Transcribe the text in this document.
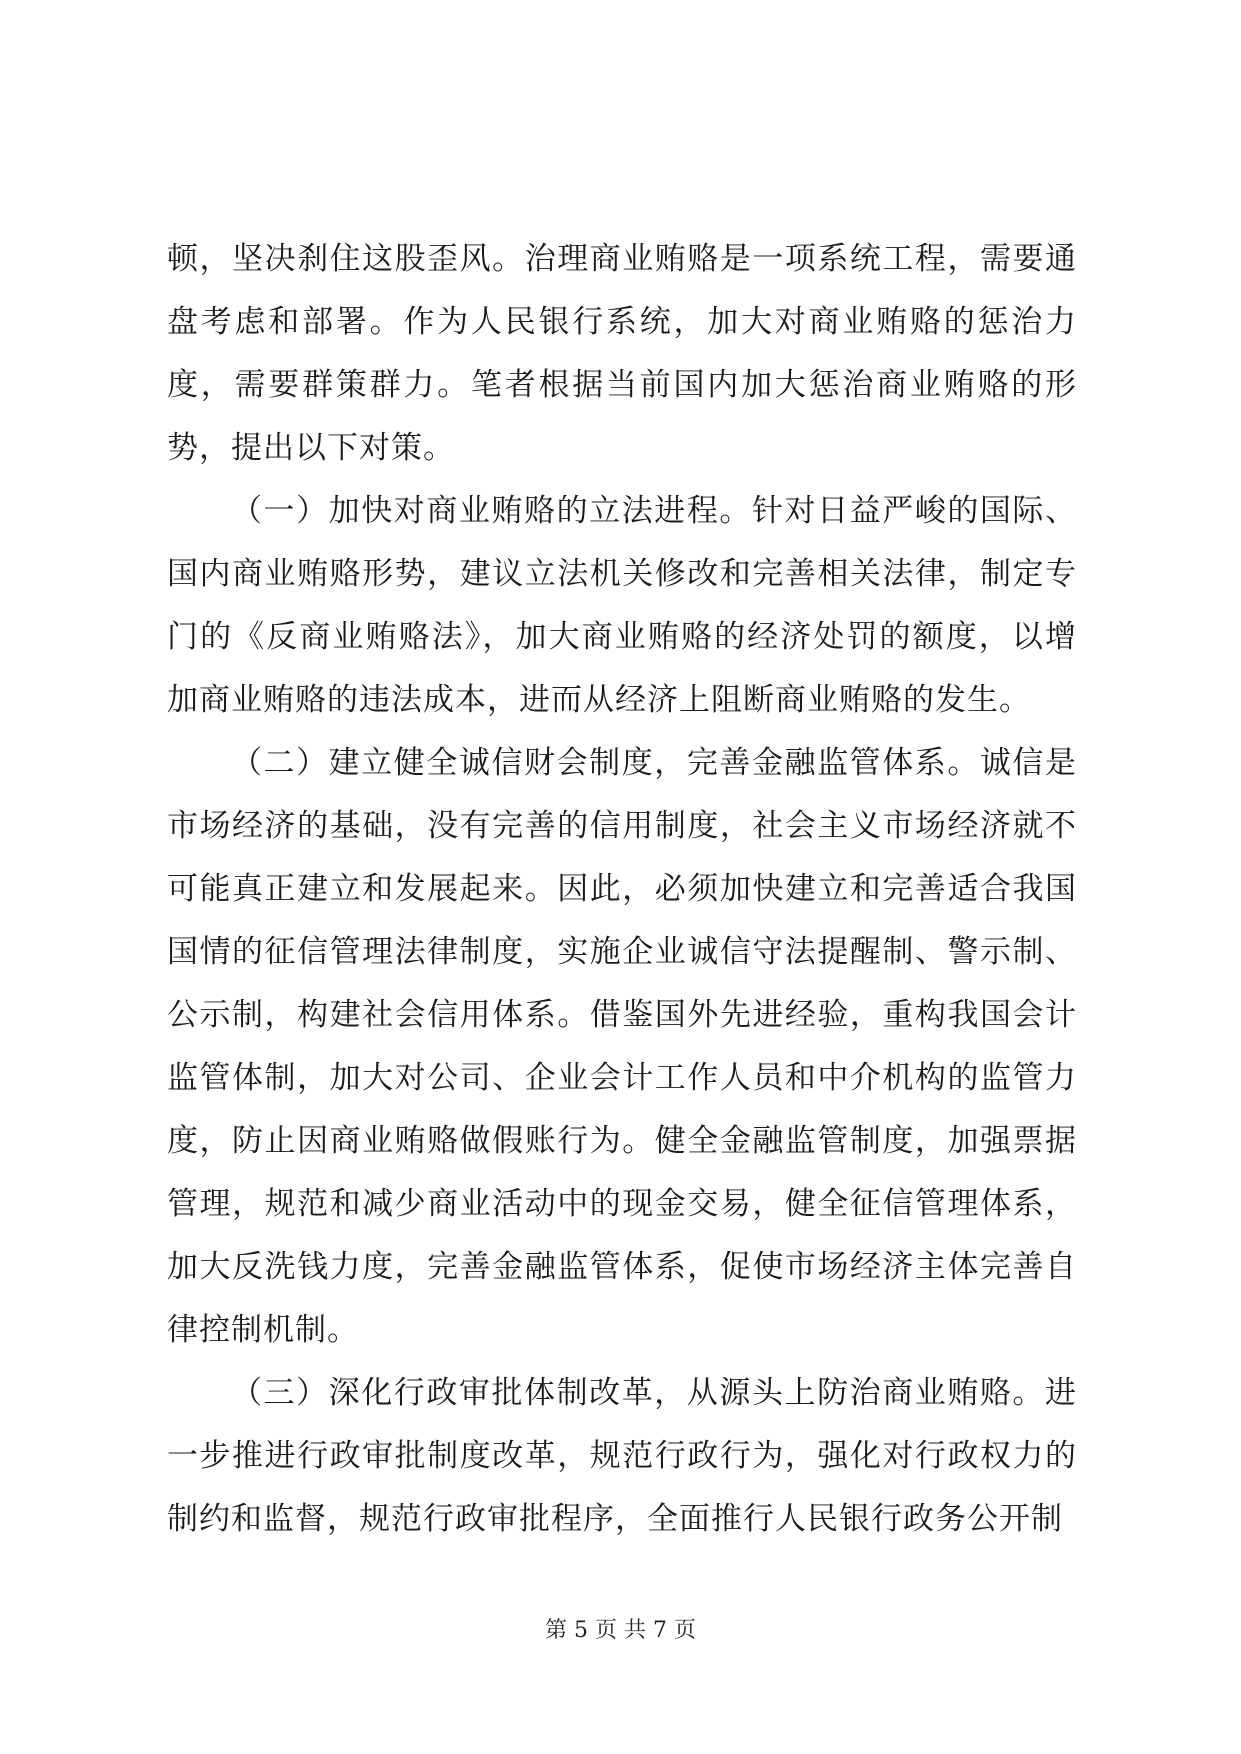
顿，坚决刹住这股歪风。治理商业贿赂是一项系统工程，需要通盘考虑和部署。作为人民银行系统，加大对商业贿赂的惩治力度，需要群策群力。笔者根据当前国内加大惩治商业贿赂的形势，提出以下对策。

（一）加快对商业贿赂的立法进程。针对日益严峻的国际、国内商业贿赂形势，建议立法机关修改和完善相关法律，制定专门的《反商业贿赂法》，加大商业贿赂的经济处罚的额度，以增加商业贿赂的违法成本，进而从经济上阻断商业贿赂的发生。

（二）建立健全诚信财会制度，完善金融监管体系。诚信是市场经济的基础，没有完善的信用制度，社会主义市场经济就不可能真正建立和发展起来。因此，必须加快建立和完善适合我国国情的征信管理法律制度，实施企业诚信守法提醒制、警示制、公示制，构建社会信用体系。借鉴国外先进经验，重构我国会计监管体制，加大对公司、企业会计工作人员和中介机构的监管力度，防止因商业贿赂做假账行为。健全金融监管制度，加强票据管理，规范和减少商业活动中的现金交易，健全征信管理体系，加大反洗钱力度，完善金融监管体系，促使市场经济主体完善自律控制机制。

（三）深化行政审批体制改革，从源头上防治商业贿赂。进一步推进行政审批制度改革，规范行政行为，强化对行政权力的制约和监督，规范行政审批程序，全面推行人民银行政务公开制

第 5 页 共 7 页
